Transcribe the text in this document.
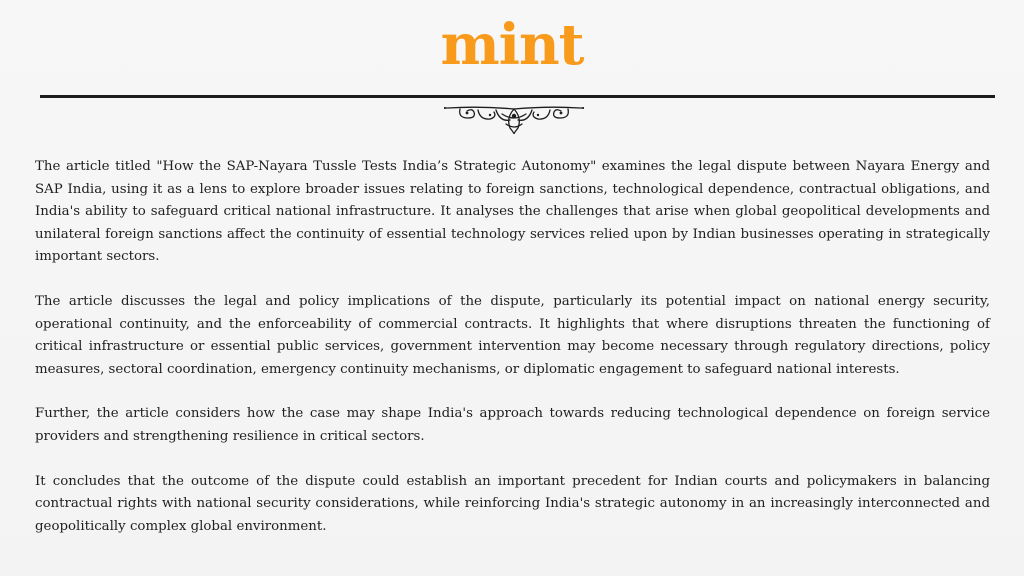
mint

The article titled "How the SAP-Nayara Tussle Tests India’s Strategic Autonomy" examines the legal dispute between Nayara Energy and SAP India, using it as a lens to explore broader issues relating to foreign sanctions, technological dependence, contractual obligations, and India's ability to safeguard critical national infrastructure. It analyses the challenges that arise when global geopolitical developments and unilateral foreign sanctions affect the continuity of essential technology services relied upon by Indian businesses operating in strategically important sectors.

The article discusses the legal and policy implications of the dispute, particularly its potential impact on national energy security, operational continuity, and the enforceability of commercial contracts. It highlights that where disruptions threaten the functioning of critical infrastructure or essential public services, government intervention may become necessary through regulatory directions, policy measures, sectoral coordination, emergency continuity mechanisms, or diplomatic engagement to safeguard national interests.

Further, the article considers how the case may shape India's approach towards reducing technological dependence on foreign service providers and strengthening resilience in critical sectors.

It concludes that the outcome of the dispute could establish an important precedent for Indian courts and policymakers in balancing contractual rights with national security considerations, while reinforcing India's strategic autonomy in an increasingly interconnected and geopolitically complex global environment.
